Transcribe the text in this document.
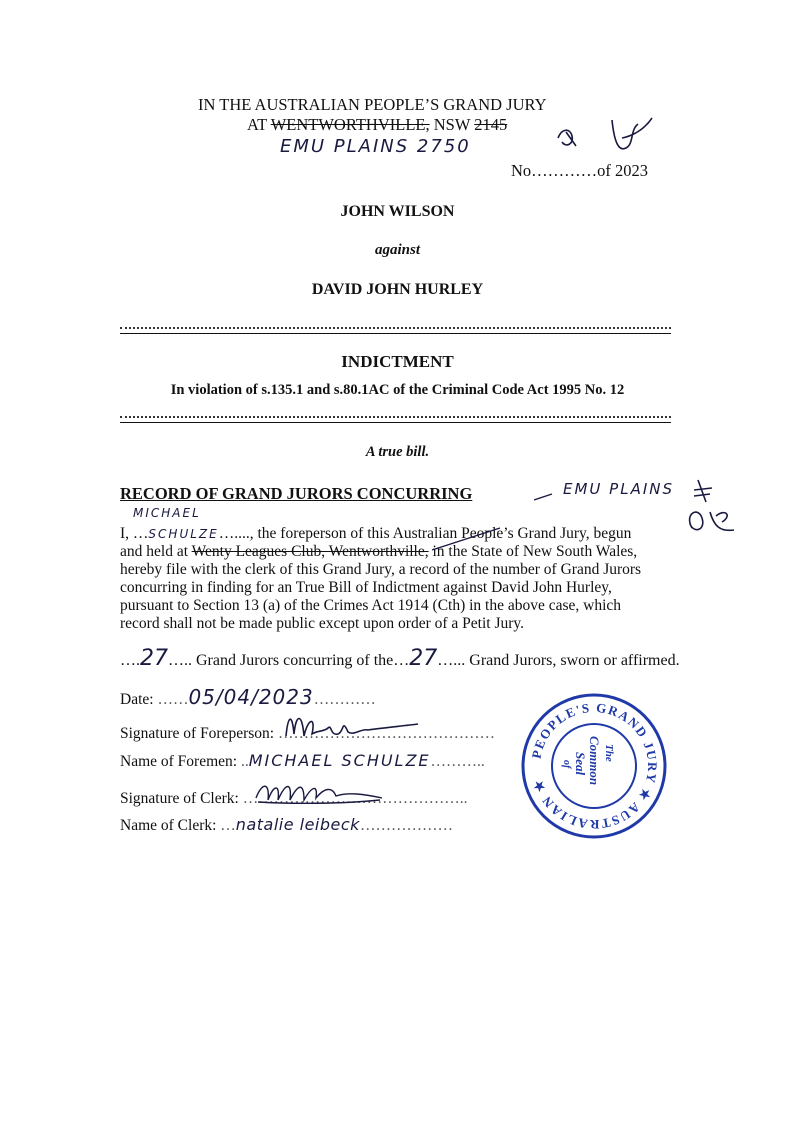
IN THE AUSTRALIAN PEOPLE’S GRAND JURY
AT WENTWORTHVILLE, NSW 2145
EMU PLAINS 2750
No…………of 2023
JOHN WILSON
against
DAVID JOHN HURLEY
INDICTMENT
In violation of s.135.1 and s.80.1AC of the Criminal Code Act 1995 No. 12
A true bill.
RECORD OF GRAND JURORS CONCURRING	EMU PLAINS
MICHAEL
I, …SCHULZE…...., the foreperson of this Australian People’s Grand Jury, begun
and held at Wenty Leagues Club, Wentworthville, in the State of New South Wales,
hereby file with the clerk of this Grand Jury, a record of the number of Grand Jurors
concurring in finding for an True Bill of Indictment against David John Hurley,
pursuant to Section 13 (a) of the Crimes Act 1914 (Cth) in the above case, which
record shall not be made public except upon order of a Petit Jury.
….27….. Grand Jurors concurring of the…27…... Grand Jurors, sworn or affirmed.
Date: ……05/04/2023…………
Signature of Foreperson: ……………………………………
Name of Foremen: ..MICHAEL SCHULZE………..
Signature of Clerk: ……………………………………..
Name of Clerk: …natalie leibeck………………
PEOPLE'S GRAND JURY ★ AUSTRALIAN ★
The
Common
Seal
of
